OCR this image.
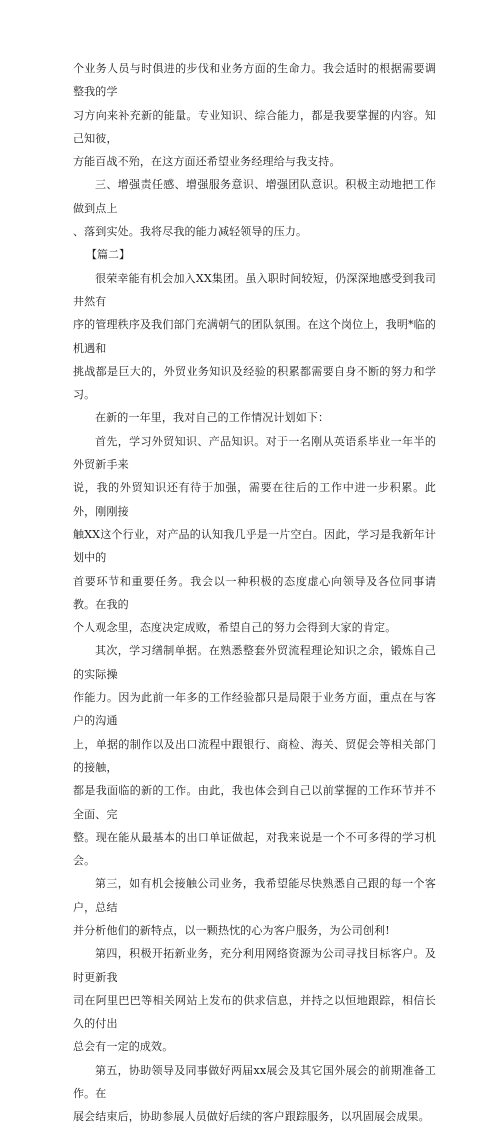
个业务人员与时俱进的步伐和业务方面的生命力。我会适时的根据需要调整我的学
习方向来补充新的能量。专业知识、综合能力，都是我要掌握的内容。知己知彼，
方能百战不殆，在这方面还希望业务经理给与我支持。

三、增强责任感、增强服务意识、增强团队意识。积极主动地把工作做到点上
、落到实处。我将尽我的能力减轻领导的压力。

【篇二】

很荣幸能有机会加入XX集团。虽入职时间较短，仍深深地感受到我司井然有
序的管理秩序及我们部门充满朝气的团队氛围。在这个岗位上，我明*临的机遇和
挑战都是巨大的，外贸业务知识及经验的积累都需要自身不断的努力和学习。

在新的一年里，我对自己的工作情况计划如下：

首先，学习外贸知识、产品知识。对于一名刚从英语系毕业一年半的外贸新手来
说，我的外贸知识还有待于加强，需要在往后的工作中进一步积累。此外，刚刚接
触XX这个行业，对产品的认知我几乎是一片空白。因此，学习是我新年计划中的
首要环节和重要任务。我会以一种积极的态度虚心向领导及各位同事请教。在我的
个人观念里，态度决定成败，希望自己的努力会得到大家的肯定。

其次，学习缮制单据。在熟悉整套外贸流程理论知识之余，锻炼自己的实际操
作能力。因为此前一年多的工作经验都只是局限于业务方面，重点在与客户的沟通
上，单据的制作以及出口流程中跟银行、商检、海关、贸促会等相关部门的接触，
都是我面临的新的工作。由此，我也体会到自己以前掌握的工作环节并不全面、完
整。现在能从最基本的出口单证做起，对我来说是一个不可多得的学习机会。

第三，如有机会接触公司业务，我希望能尽快熟悉自己跟的每一个客户，总结
并分析他们的新特点，以一颗热忱的心为客户服务，为公司创利!

第四，积极开拓新业务，充分利用网络资源为公司寻找目标客户。及时更新我
司在阿里巴巴等相关网站上发布的供求信息，并持之以恒地跟踪，相信长久的付出
总会有一定的成效。

第五，协助领导及同事做好两届xx展会及其它国外展会的前期准备工作。在
展会结束后，协助参展人员做好后续的客户跟踪服务，以巩固展会成果。
